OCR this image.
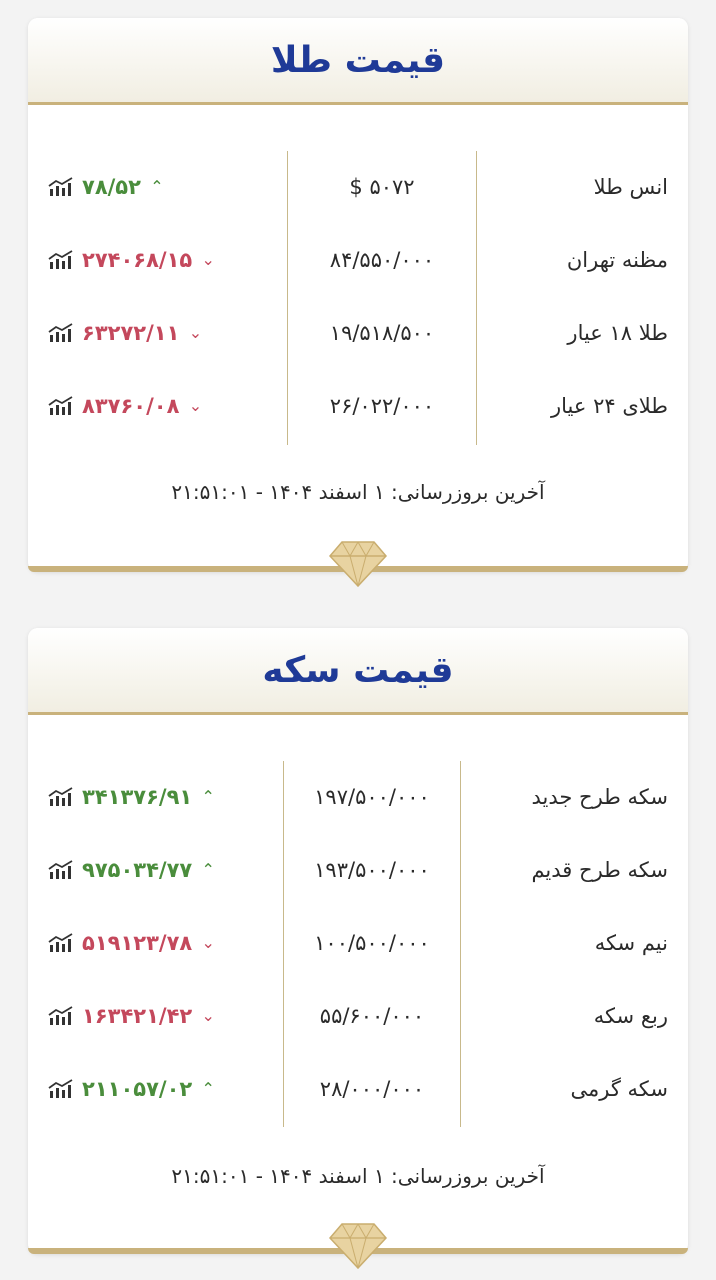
قیمت طلا
۷۸/۵۲ ⌃	$ ۵۰۷۲	انس طلا
۲۷۴۰۶۸/۱۵ ⌄	۸۴/۵۵۰/۰۰۰	مظنه تهران
۶۳۲۷۲/۱۱ ⌄	۱۹/۵۱۸/۵۰۰	طلا ۱۸ عیار
۸۳۷۶۰/۰۸ ⌄	۲۶/۰۲۲/۰۰۰	طلای ۲۴ عیار
آخرین بروزرسانی: ۱ اسفند ۱۴۰۴ - ۲۱:۵۱:۰۱
قیمت سکه
۳۴۱۳۷۶/۹۱ ⌃	۱۹۷/۵۰۰/۰۰۰	سکه طرح جدید
۹۷۵۰۳۴/۷۷ ⌃	۱۹۳/۵۰۰/۰۰۰	سکه طرح قدیم
۵۱۹۱۲۳/۷۸ ⌄	۱۰۰/۵۰۰/۰۰۰	نیم سکه
۱۶۳۴۲۱/۴۲ ⌄	۵۵/۶۰۰/۰۰۰	ربع سکه
۲۱۱۰۵۷/۰۲ ⌃	۲۸/۰۰۰/۰۰۰	سکه گرمی
آخرین بروزرسانی: ۱ اسفند ۱۴۰۴ - ۲۱:۵۱:۰۱
